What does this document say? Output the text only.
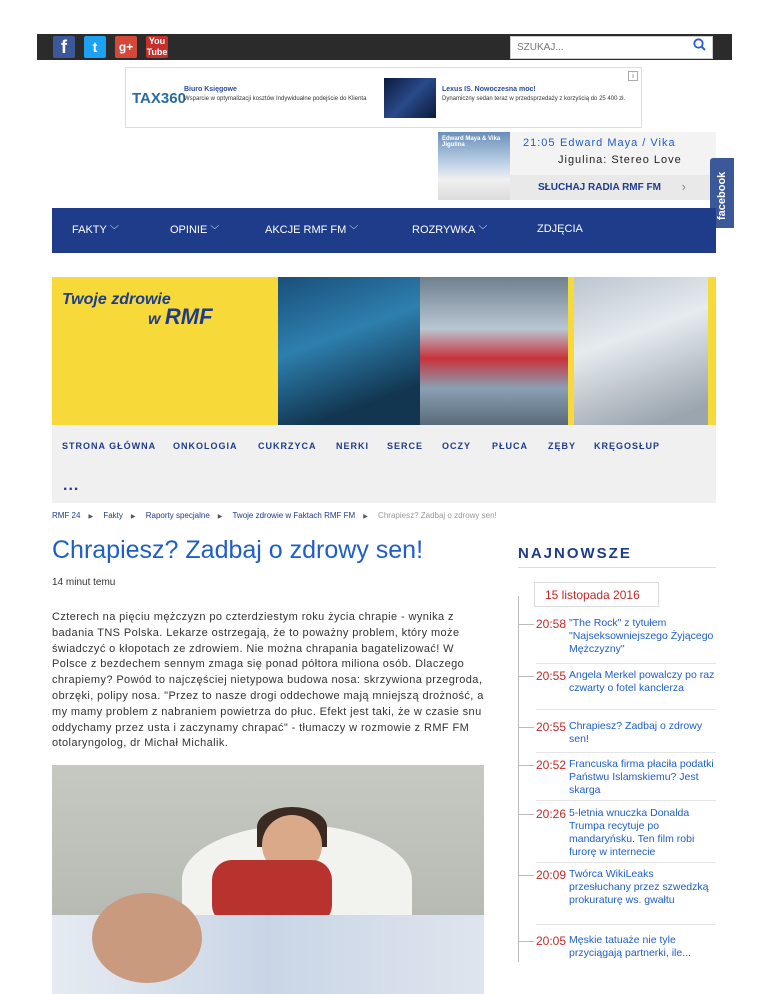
f	t	g+	You Tube
SZUKAJ...
i
TAX360
Biuro Księgowe
Wsparcie w optymalizacji kosztów Indywidualne podejście do Klienta
Lexus IS. Nowoczesna moc!
Dynamiczny sedan teraz w przedsprzedaży z korzyścią do 25 400 zł.
Edward Maya & Vika Jigulina	21:05 Edward Maya / Vika
Jigulina: Stereo Love
SŁUCHAJ RADIA RMF FM ›	facebook
FAKTY ﹀	OPINIE ﹀	AKCJE RMF FM ﹀	ROZRYWKA ﹀	ZDJĘCIA
Twoje zdrowie
w RMF
STRONA GŁÓWNA ONKOLOGIA CUKRZYCA NERKI SERCE OCZY PŁUCA ZĘBY KRĘGOSŁUP
...
RMF 24 ▶ Fakty ▶ Raporty specjalne ▶ Twoje zdrowie w Faktach RMF FM ▶ Chrapiesz? Zadbaj o zdrowy sen!
Chrapiesz? Zadbaj o zdrowy sen!
14 minut temu

Czterech na pięciu mężczyzn po czterdziestym roku życia chrapie - wynika z badania TNS Polska. Lekarze ostrzegają, że to poważny problem, który może świadczyć o kłopotach ze zdrowiem. Nie można chrapania bagatelizować! W Polsce z bezdechem sennym zmaga się ponad półtora miliona osób. Dlaczego chrapiemy? Powód to najczęściej nietypowa budowa nosa: skrzywiona przegroda, obrzęki, polipy nosa. "Przez to nasze drogi oddechowe mają mniejszą drożność, a my mamy problem z nabraniem powietrza do płuc. Efekt jest taki, że w czasie snu oddychamy przez usta i zaczynamy chrapać" - tłumaczy w rozmowie z RMF FM otolaryngolog, dr Michał Michalik.

NAJNOWSZE
15 listopada 2016
20:58 "The Rock" z tytułem "Najseksowniejszego Żyjącego Mężczyzny"
20:55 Angela Merkel powalczy po raz czwarty o fotel kanclerza
20:55 Chrapiesz? Zadbaj o zdrowy sen!
20:52 Francuska firma płaciła podatki Państwu Islamskiemu? Jest skarga
20:26 5-letnia wnuczka Donalda Trumpa recytuje po mandaryńsku. Ten film robi furorę w internecie
20:09 Twórca WikiLeaks przesłuchany przez szwedzką prokuraturę ws. gwałtu
20:05 Męskie tatuaże nie tyle przyciągają partnerki, ile...
